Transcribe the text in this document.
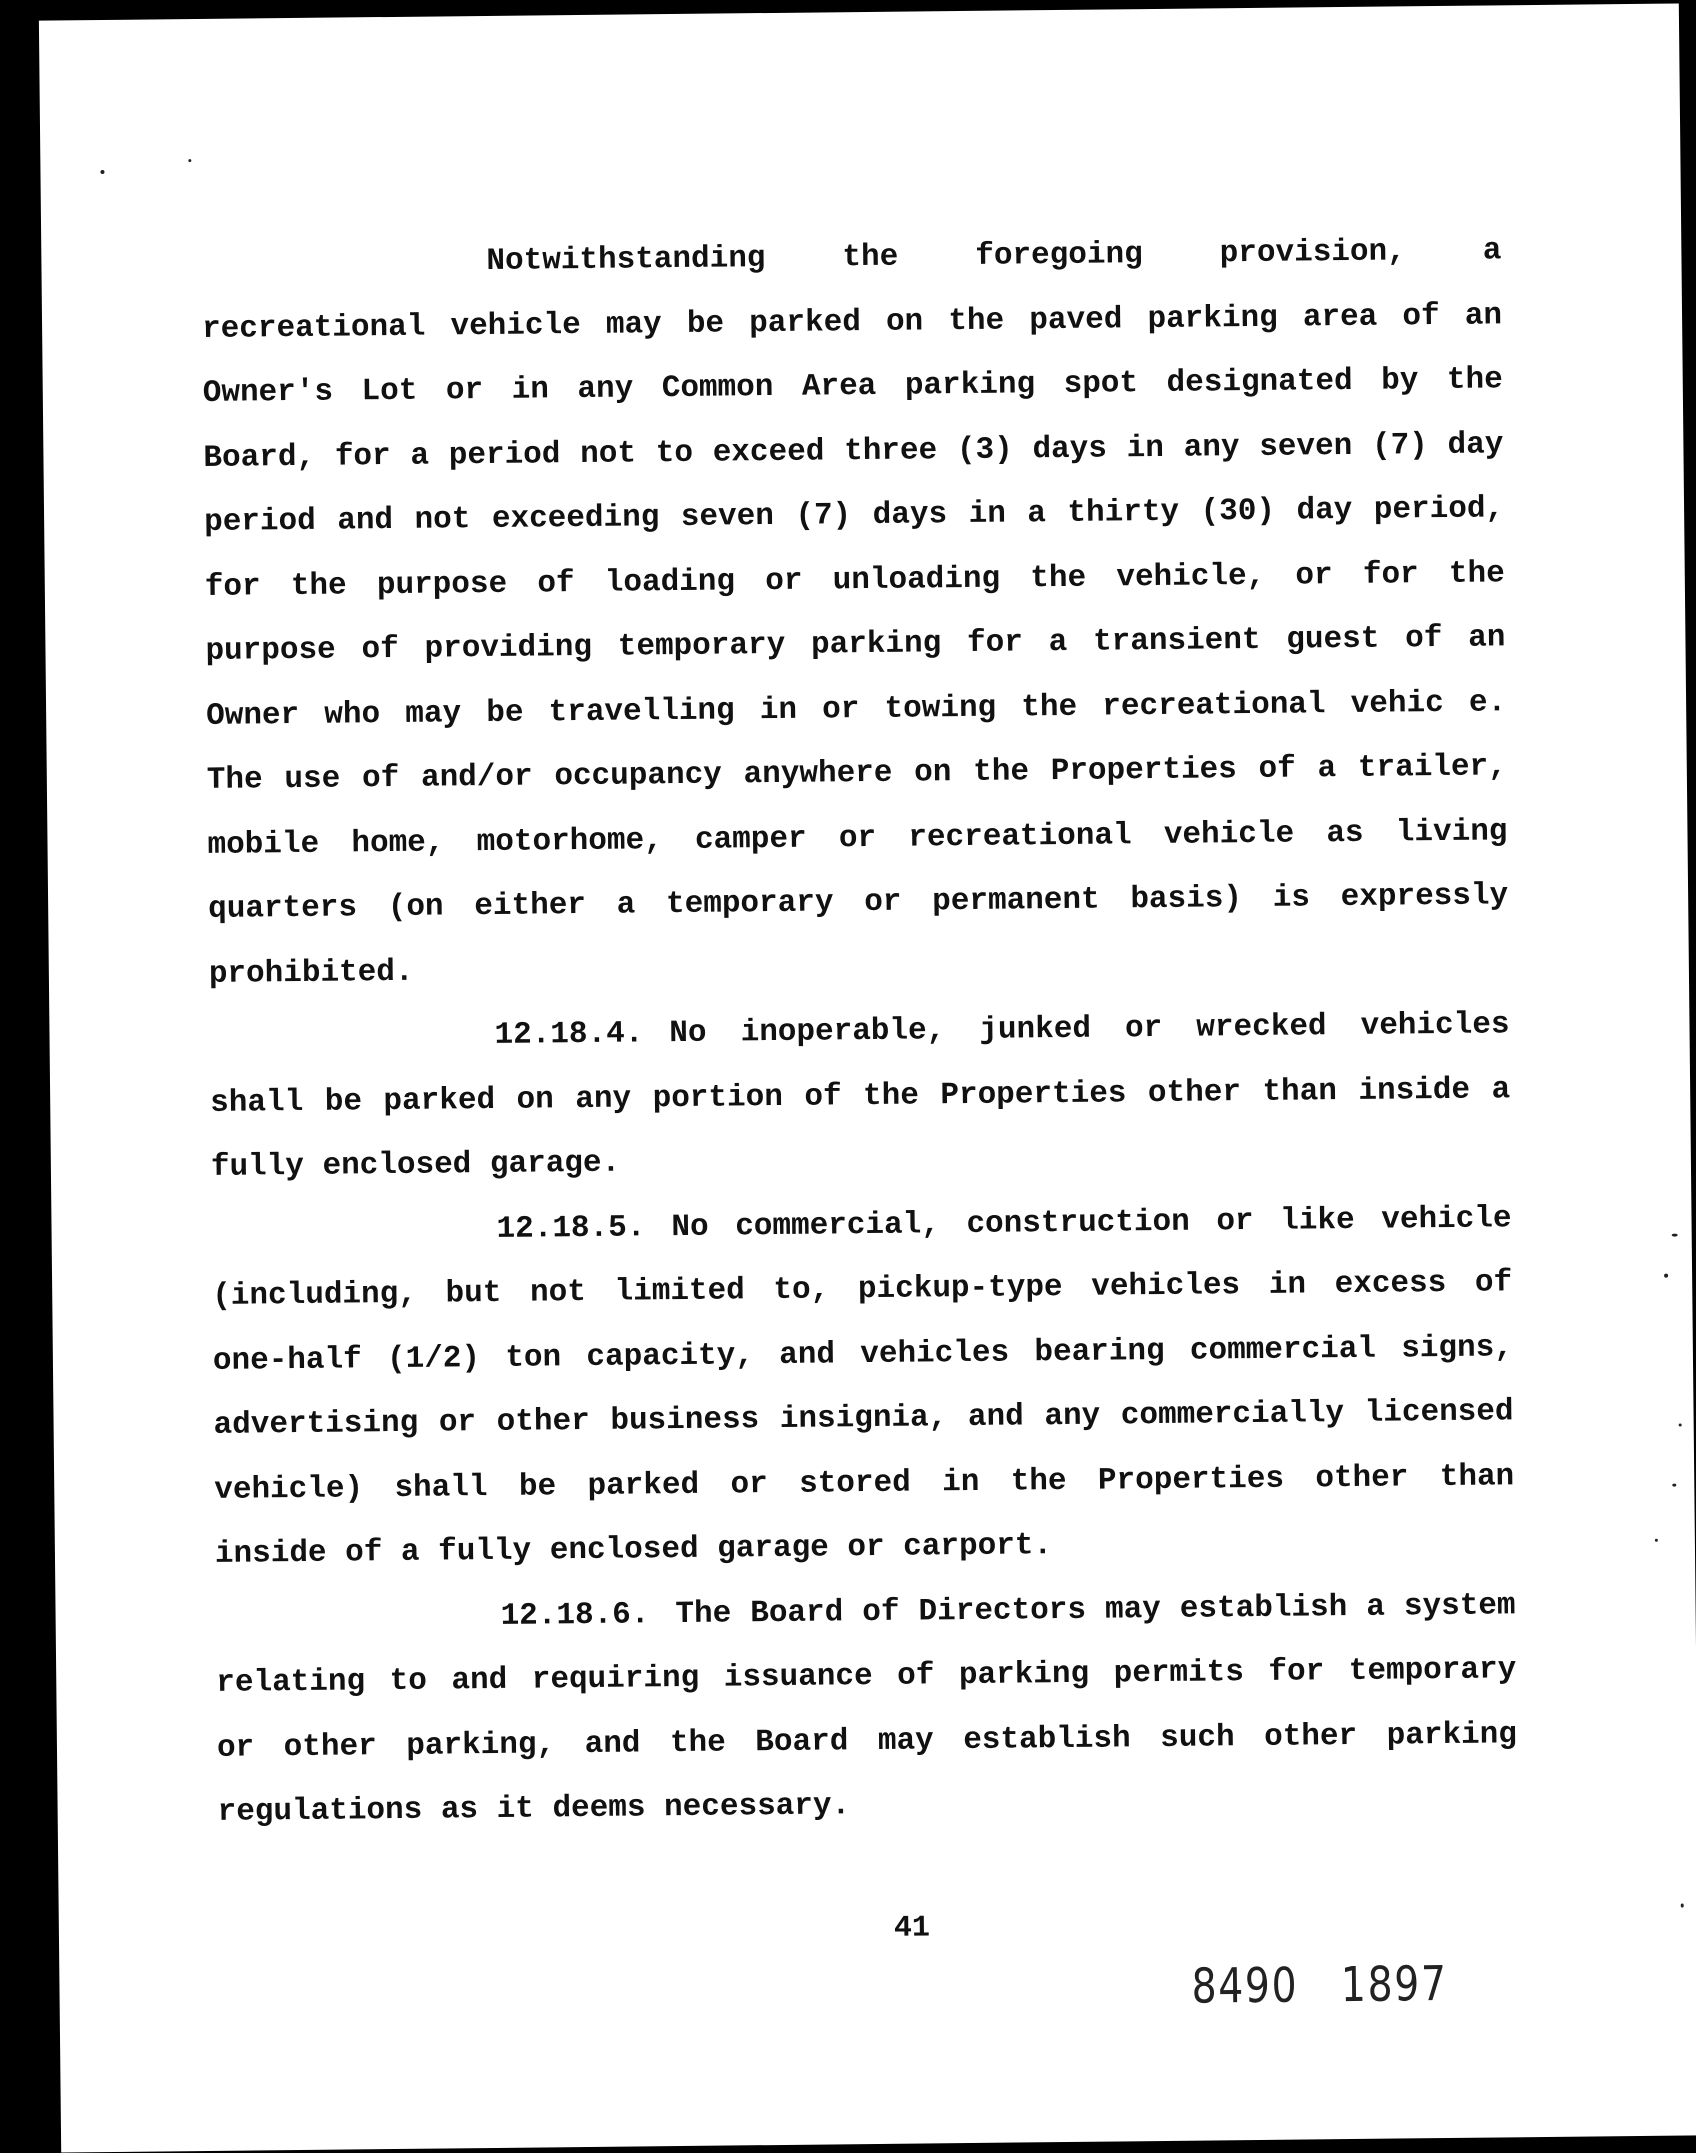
Notwithstanding the foregoing provision, a recreational vehicle may be parked on the paved parking area of an Owner's Lot or in any Common Area parking spot designated by the Board, for a period not to exceed three (3) days in any seven (7) day period and not exceeding seven (7) days in a thirty (30) day period, for the purpose of loading or unloading the vehicle, or for the purpose of providing temporary parking for a transient guest of an Owner who may be travelling in or towing the recreational vehic e. The use of and/or occupancy anywhere on the Properties of a trailer, mobile home, motorhome, camper or recreational vehicle as living quarters (on either a temporary or permanent basis) is expressly prohibited.

12.18.4. No inoperable, junked or wrecked vehicles shall be parked on any portion of the Properties other than inside a fully enclosed garage.

12.18.5. No commercial, construction or like vehicle (including, but not limited to, pickup-type vehicles in excess of one-half (1/2) ton capacity, and vehicles bearing commercial signs, advertising or other business insignia, and any commercially licensed vehicle) shall be parked or stored in the Properties other than inside of a fully enclosed garage or carport.

12.18.6. The Board of Directors may establish a system relating to and requiring issuance of parking permits for temporary or other parking, and the Board may establish such other parking regulations as it deems necessary.

41
8490 1897
